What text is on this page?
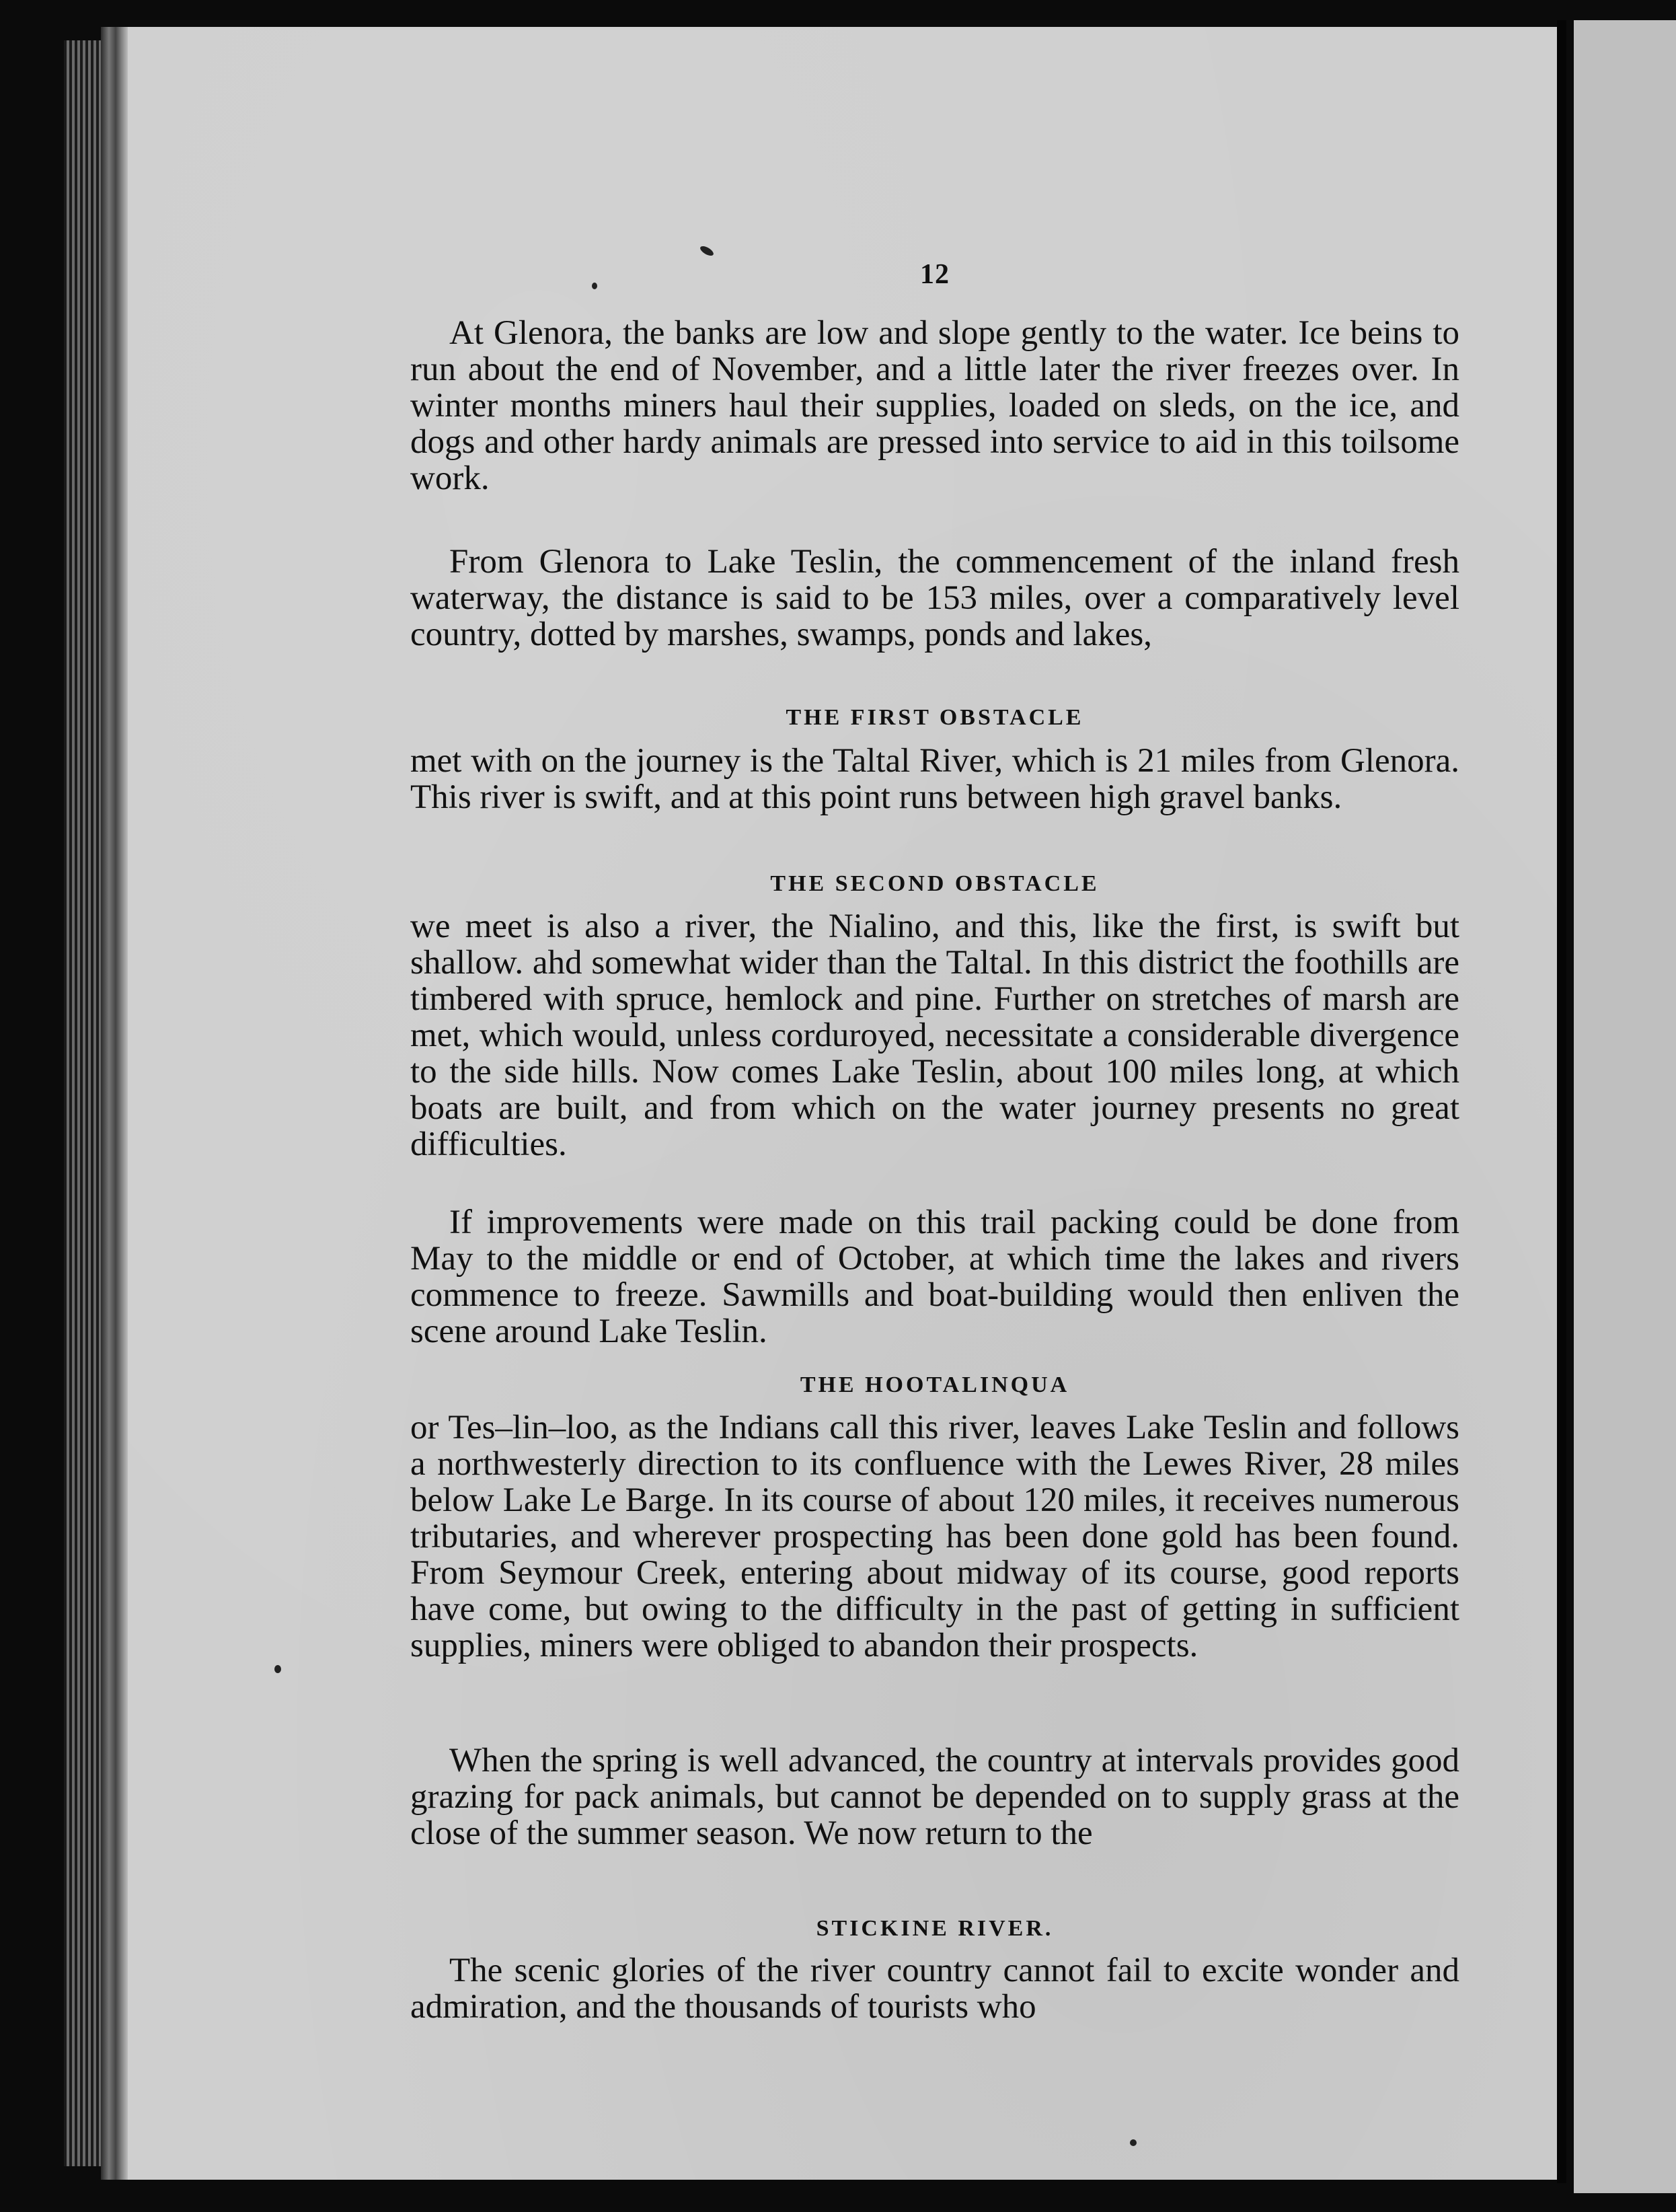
12

At Glenora, the banks are low and slope gently to the water. Ice beins to run about the end of November, and a little later the river freezes over. In winter months miners haul their supplies, loaded on sleds, on the ice, and dogs and other hardy animals are pressed into service to aid in this toilsome work.

From Glenora to Lake Teslin, the commencement of the inland fresh waterway, the distance is said to be 153 miles, over a comparatively level country, dotted by marshes, swamps, ponds and lakes,

THE FIRST OBSTACLE

met with on the journey is the Taltal River, which is 21 miles from Glenora. This river is swift, and at this point runs between high gravel banks.

THE SECOND OBSTACLE

we meet is also a river, the Nialino, and this, like the first, is swift but shallow. ahd somewhat wider than the Taltal. In this district the foothills are timbered with spruce, hemlock and pine. Further on stretches of marsh are met, which would, unless corduroyed, necessitate a considerable divergence to the side hills. Now comes Lake Teslin, about 100 miles long, at which boats are built, and from which on the water journey presents no great difficulties.

If improvements were made on this trail packing could be done from May to the middle or end of October, at which time the lakes and rivers commence to freeze. Sawmills and boat-building would then enliven the scene around Lake Teslin.

THE HOOTALINQUA

or Tes–lin–loo, as the Indians call this river, leaves Lake Teslin and follows a northwesterly direction to its confluence with the Lewes River, 28 miles below Lake Le Barge. In its course of about 120 miles, it receives numerous tributaries, and wherever prospecting has been done gold has been found. From Seymour Creek, entering about midway of its course, good reports have come, but owing to the difficulty in the past of getting in sufficient supplies, miners were obliged to abandon their prospects.

When the spring is well advanced, the country at intervals provides good grazing for pack animals, but cannot be depended on to supply grass at the close of the summer season. We now return to the

STICKINE RIVER.

The scenic glories of the river country cannot fail to excite wonder and admiration, and the thousands of tourists who
